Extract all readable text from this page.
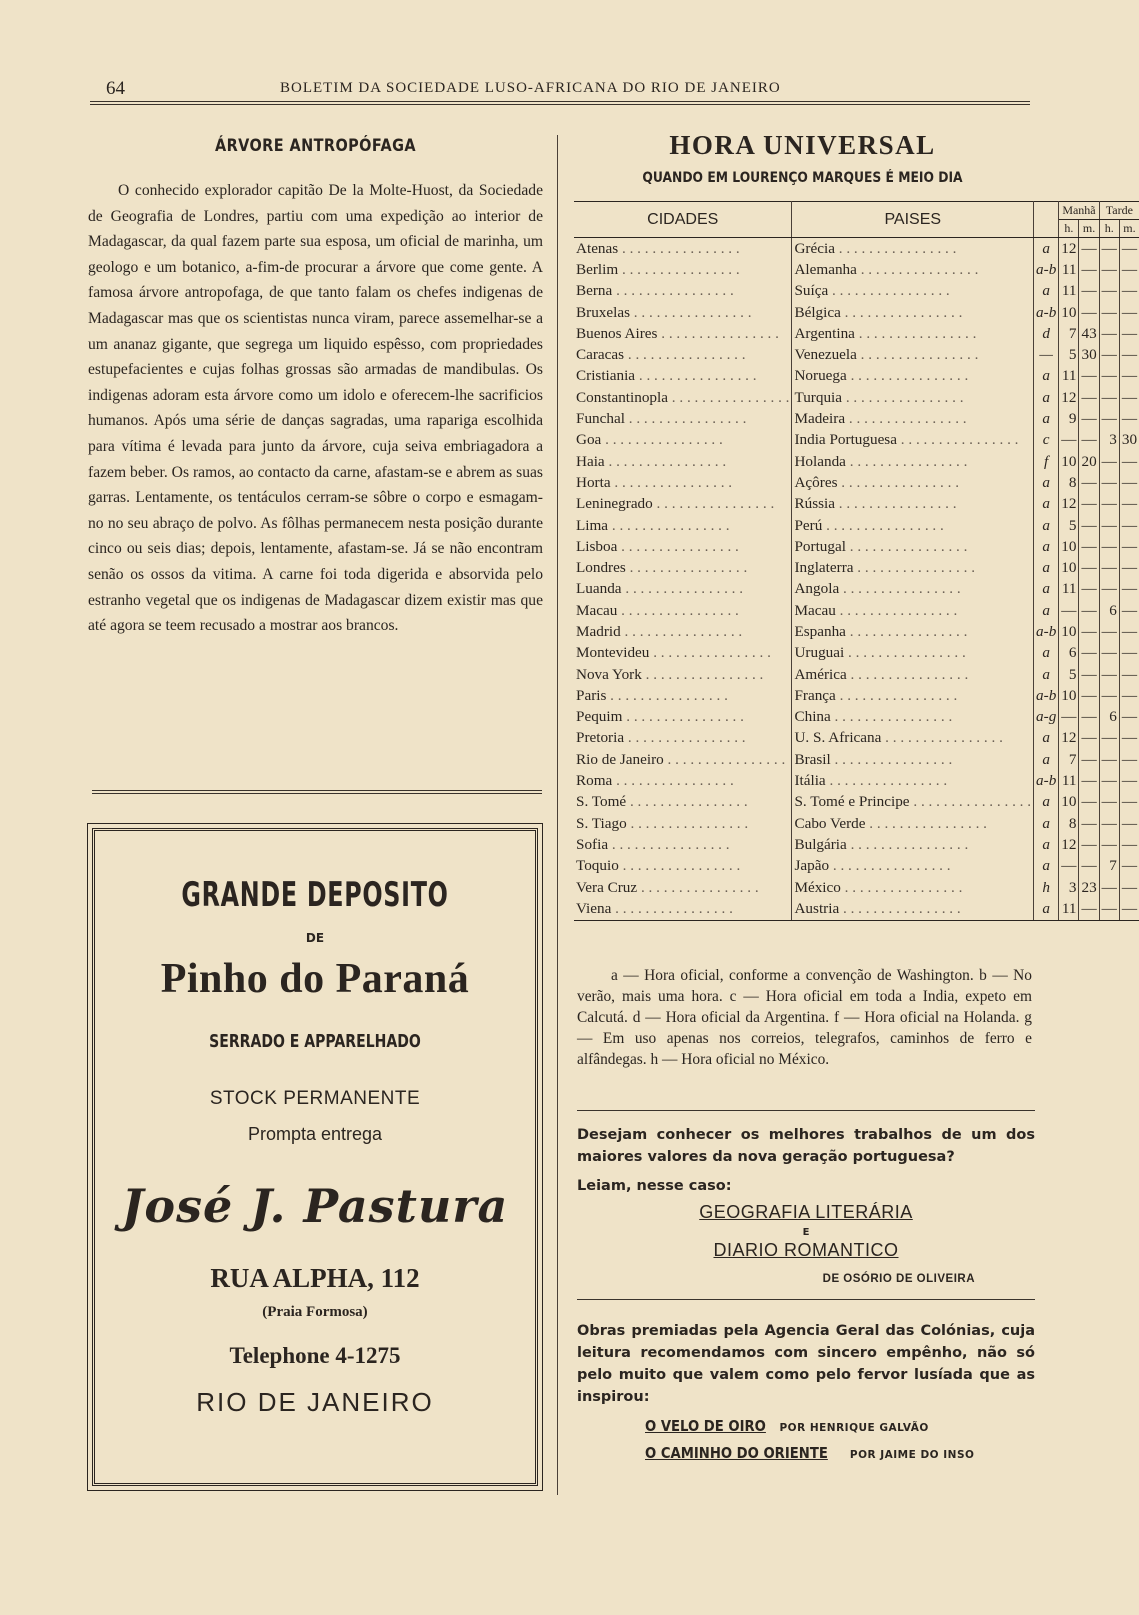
64	BOLETIM DA SOCIEDADE LUSO-AFRICANA DO RIO DE JANEIRO
ÁRVORE ANTROPÓFAGA

O conhecido explorador capitão De la Molte-Huost, da Sociedade de Geografia de Londres, partiu com uma expedição ao interior de Madagascar, da qual fazem parte sua esposa, um oficial de marinha, um geologo e um botanico, a-fim-de procurar a árvore que come gente. A famosa árvore antropofaga, de que tanto falam os chefes indigenas de Madagascar mas que os scientistas nunca viram, parece assemelhar-se a um ananaz gigante, que segrega um liquido espêsso, com propriedades estupefacientes e cujas folhas grossas são armadas de mandibulas. Os indigenas adoram esta árvore como um idolo e oferecem-lhe sacrificios humanos. Após uma série de danças sagradas, uma rapariga escolhida para vítima é levada para junto da árvore, cuja seiva embriagadora a fazem beber. Os ramos, ao contacto da carne, afastam-se e abrem as suas garras. Lentamente, os tentáculos cerram-se sôbre o corpo e esmagam-no no seu abraço de polvo. As fôlhas permanecem nesta posição durante cinco ou seis dias; depois, lentamente, afastam-se. Já se não encontram senão os ossos da vitima. A carne foi toda digerida e absorvida pelo estranho vegetal que os indigenas de Madagascar dizem existir mas que até agora se teem recusado a mostrar aos brancos.

GRANDE DEPOSITO
DE
Pinho do Paraná
SERRADO E APPARELHADO
STOCK PERMANENTE
Prompta entrega
José J. Pastura
RUA ALPHA, 112
(Praia Formosa)
Telephone 4-1275
RIO DE JANEIRO
HORA UNIVERSAL
QUANDO EM LOURENÇO MARQUES É MEIO DIA
CIDADES	PAISES		Manhã		Tarde	
			h.	m.	h.	m.
Atenas . . .	Grécia . . .	a	12	—	—	—
Berlim . . .	Alemanha . . .	a-b	11	—	—	—
Berna . . .	Suíça . . .	a	11	—	—	—
Bruxelas . . .	Bélgica . . .	a-b	10	—	—	—
Buenos Aires . . .	Argentina . . .	d	7	43	—	—
Caracas . . .	Venezuela . . .	—	5	30	—	—
Cristiania . . .	Noruega . . .	a	11	—	—	—
Constantinopla . . .	Turquia . . .	a	12	—	—	—
Funchal . . .	Madeira . . .	a	9	—	—	—
Goa . . .	India Portuguesa . . .	c	—	—	3	30
Haia . . .	Holanda . . .	f	10	20	—	—
Horta . . .	Açôres . . .	a	8	—	—	—
Leninegrado . . .	Rússia . . .	a	12	—	—	—
Lima . . .	Perú . . .	a	5	—	—	—
Lisboa . . .	Portugal . . .	a	10	—	—	—
Londres . . .	Inglaterra . . .	a	10	—	—	—
Luanda . . .	Angola . . .	a	11	—	—	—
Macau . . .	Macau . . .	a	—	—	6	—
Madrid . . .	Espanha . . .	a-b	10	—	—	—
Montevideu . . .	Uruguai . . .	a	6	—	—	—
Nova York . . .	América . . .	a	5	—	—	—
Paris . . .	França . . .	a-b	10	—	—	—
Pequim . . .	China . . .	a-g	—	—	6	—
Pretoria . . .	U. S. Africana . . .	a	12	—	—	—
Rio de Janeiro . . .	Brasil . . .	a	7	—	—	—
Roma . . .	Itália . . .	a-b	11	—	—	—
S. Tomé . . .	S. Tomé e Principe . . .	a	10	—	—	—
S. Tiago . . .	Cabo Verde . . .	a	8	—	—	—
Sofia . . .	Bulgária . . .	a	12	—	—	—
Toquio . . .	Japão . . .	a	—	—	7	—
Vera Cruz . . .	México . . .	h	3	23	—	—
Viena . . .	Austria . . .	a	11	—	—	—

a — Hora oficial, conforme a convenção de Washington. b — No verão, mais uma hora. c — Hora oficial em toda a India, expeto em Calcutá. d — Hora oficial da Argentina. f — Hora oficial na Holanda. g — Em uso apenas nos correios, telegrafos, caminhos de ferro e alfândegas. h — Hora oficial no México.

Desejam conhecer os melhores trabalhos de um dos maiores valores da nova geração portuguesa?

Leiam, nesse caso:
GEOGRAFIA LITERÁRIA
E
DIARIO ROMANTICO
DE OSÓRIO DE OLIVEIRA

Obras premiadas pela Agencia Geral das Colónias, cuja leitura recomendamos com sincero empênho, não só pelo muito que valem como pelo fervor lusíada que as inspirou:

O VELO DE OIRO POR HENRIQUE GALVÃO
O CAMINHO DO ORIENTE POR JAIME DO INSO
